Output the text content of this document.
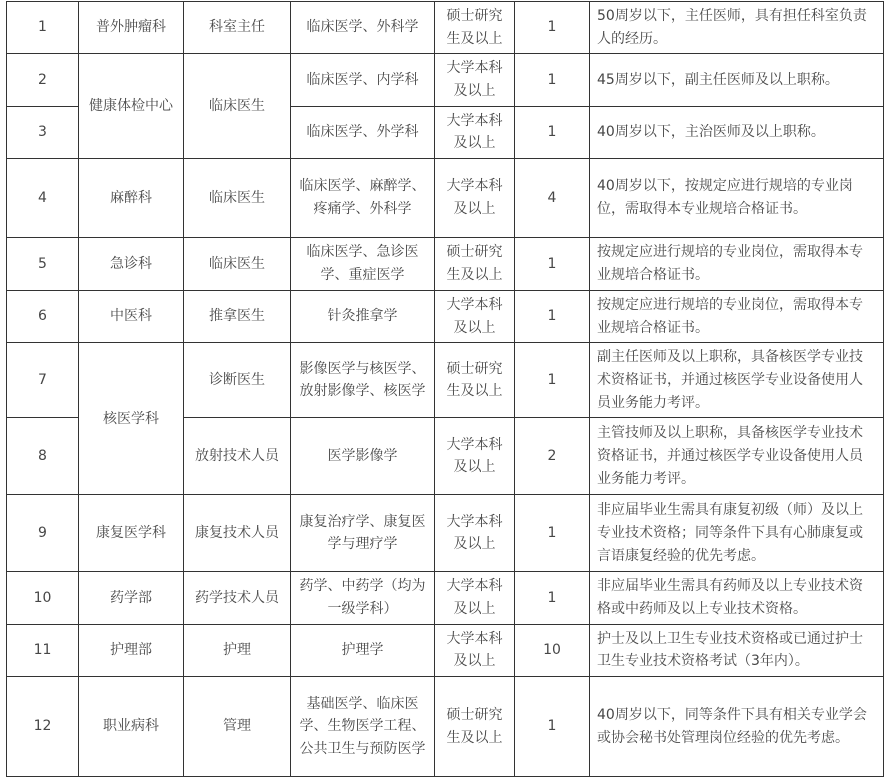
1	普外肿瘤科	科室主任	临床医学、外科学	硕士研究生及以上	1	50周岁以下，主任医师，具有担任科室负责人的经历。
2	健康体检中心	临床医生	临床医学、内学科	大学本科及以上	1	45周岁以下，副主任医师及以上职称。
3			临床医学、外学科	大学本科及以上	1	40周岁以下，主治医师及以上职称。
4	麻醉科	临床医生	临床医学、麻醉学、疼痛学、外科学	大学本科及以上	4	40周岁以下，按规定应进行规培的专业岗位，需取得本专业规培合格证书。
5	急诊科	临床医生	临床医学、急诊医学、重症医学	硕士研究生及以上	1	按规定应进行规培的专业岗位，需取得本专业规培合格证书。
6	中医科	推拿医生	针灸推拿学	大学本科及以上	1	按规定应进行规培的专业岗位，需取得本专业规培合格证书。
7	核医学科	诊断医生	影像医学与核医学、放射影像学、核医学	硕士研究生及以上	1	副主任医师及以上职称，具备核医学专业技术资格证书，并通过核医学专业设备使用人员业务能力考评。
8		放射技术人员	医学影像学	大学本科及以上	2	主管技师及以上职称，具备核医学专业技术资格证书，并通过核医学专业设备使用人员业务能力考评。
9	康复医学科	康复技术人员	康复治疗学、康复医学与理疗学	大学本科及以上	1	非应届毕业生需具有康复初级（师）及以上专业技术资格；同等条件下具有心肺康复或言语康复经验的优先考虑。
10	药学部	药学技术人员	药学、中药学（均为一级学科）	大学本科及以上	1	非应届毕业生需具有药师及以上专业技术资格或中药师及以上专业技术资格。
11	护理部	护理	护理学	大学本科及以上	10	护士及以上卫生专业技术资格或已通过护士卫生专业技术资格考试（3年内）。
12	职业病科	管理	基础医学、临床医学、生物医学工程、公共卫生与预防医学	硕士研究生及以上	1	40周岁以下，同等条件下具有相关专业学会或协会秘书处管理岗位经验的优先考虑。
